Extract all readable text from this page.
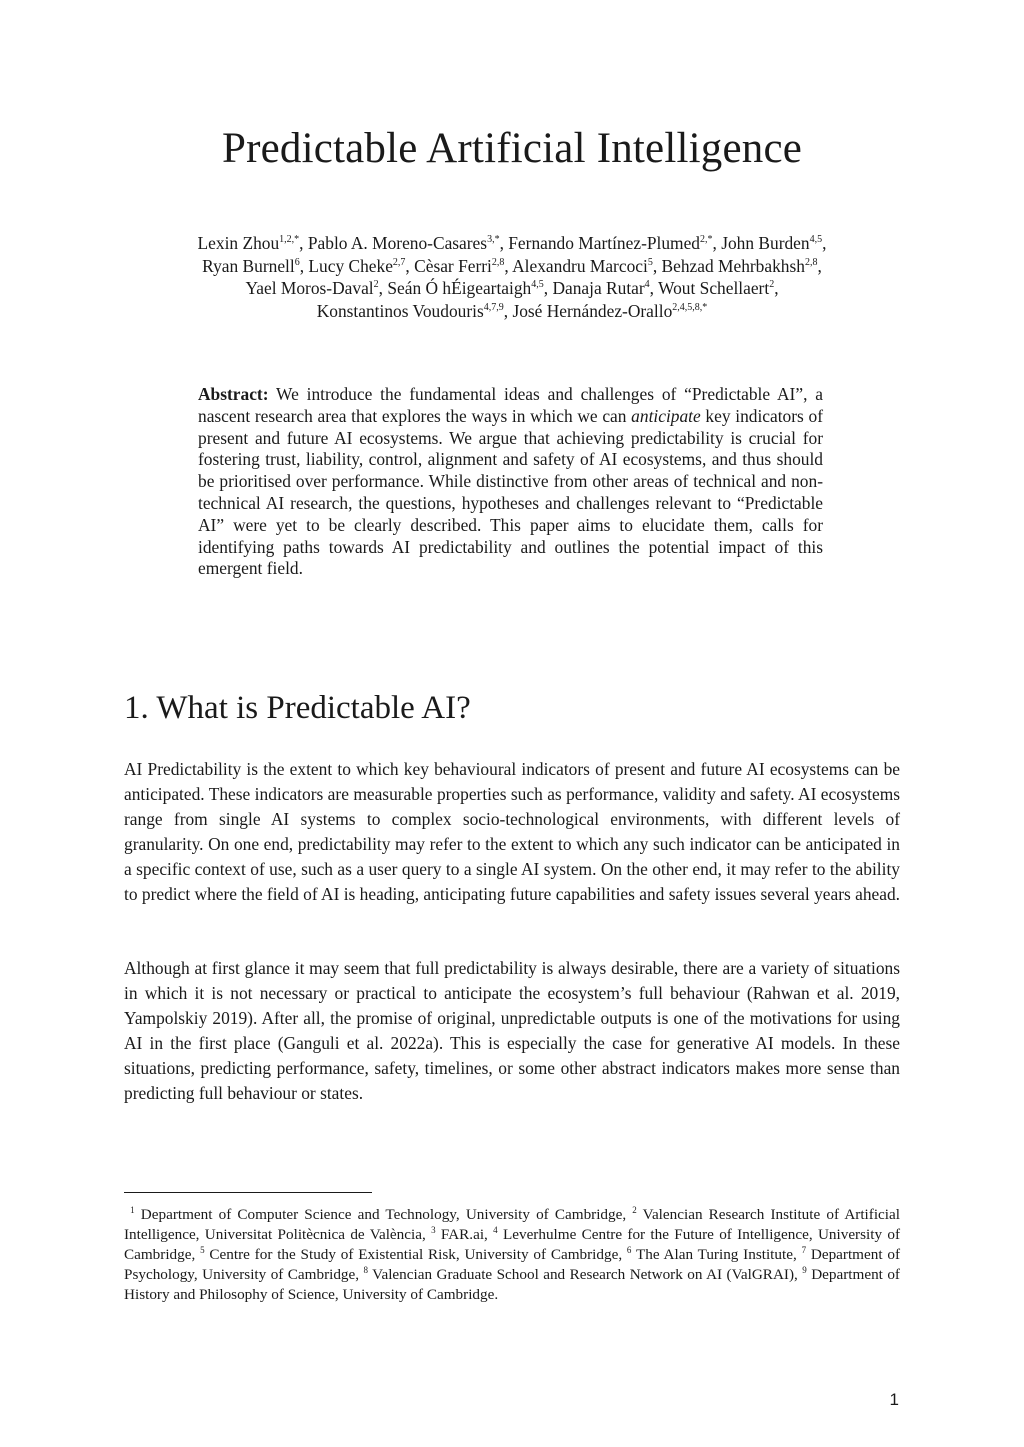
Predictable Artificial Intelligence
Lexin Zhou$^{1,2,*}$, Pablo A. Moreno-Casares$^{3,*}$, Fernando Martínez-Plumed$^{2,*}$, John Burden$^{4,5}$,
Ryan Burnell$^6$, Lucy Cheke$^{2,7}$, Cèsar Ferri$^{2,8}$, Alexandru Marcoci$^5$, Behzad Mehrbakhsh$^{2,8}$,
Yael Moros-Daval$^2$, Seán Ó hÉigeartaigh$^{4,5}$, Danaja Rutar$^4$, Wout Schellaert$^2$,
Konstantinos Voudouris$^{4,7,9}$, José Hernández-Orallo$^{2,4,5,8,*}$

Abstract: We introduce the fundamental ideas and challenges of “Predictable AI”, a nascent research area that explores the ways in which we can anticipate key indicators of present and future AI ecosystems. We argue that achieving predictability is crucial for fostering trust, liability, control, alignment and safety of AI ecosystems, and thus should be prioritised over performance. While distinctive from other areas of technical and non-technical AI research, the questions, hypotheses and challenges relevant to “Predictable AI” were yet to be clearly described. This paper aims to elucidate them, calls for identifying paths towards AI predictability and outlines the potential impact of this emergent field.

1. What is Predictable AI?

AI Predictability is the extent to which key behavioural indicators of present and future AI ecosystems can be anticipated. These indicators are measurable properties such as performance, validity and safety. AI ecosystems range from single AI systems to complex socio-technological environments, with different levels of granularity. On one end, predictability may refer to the extent to which any such indicator can be anticipated in a specific context of use, such as a user query to a single AI system. On the other end, it may refer to the ability to predict where the field of AI is heading, anticipating future capabilities and safety issues several years ahead.

Although at first glance it may seem that full predictability is always desirable, there are a variety of situations in which it is not necessary or practical to anticipate the ecosystem’s full behaviour (Rahwan et al. 2019, Yampolskiy 2019). After all, the promise of original, unpredictable outputs is one of the motivations for using AI in the first place (Ganguli et al. 2022a). This is especially the case for generative AI models. In these situations, predicting performance, safety, timelines, or some other abstract indicators makes more sense than predicting full behaviour or states.

$^1$ Department of Computer Science and Technology, University of Cambridge, $^2$ Valencian Research Institute of Artificial Intelligence, Universitat Politècnica de València, $^3$ FAR.ai, $^4$ Leverhulme Centre for the Future of Intelligence, University of Cambridge, $^5$ Centre for the Study of Existential Risk, University of Cambridge, $^6$ The Alan Turing Institute, $^7$ Department of Psychology, University of Cambridge, $^8$ Valencian Graduate School and Research Network on AI (ValGRAI), $^9$ Department of History and Philosophy of Science, University of Cambridge.

1
